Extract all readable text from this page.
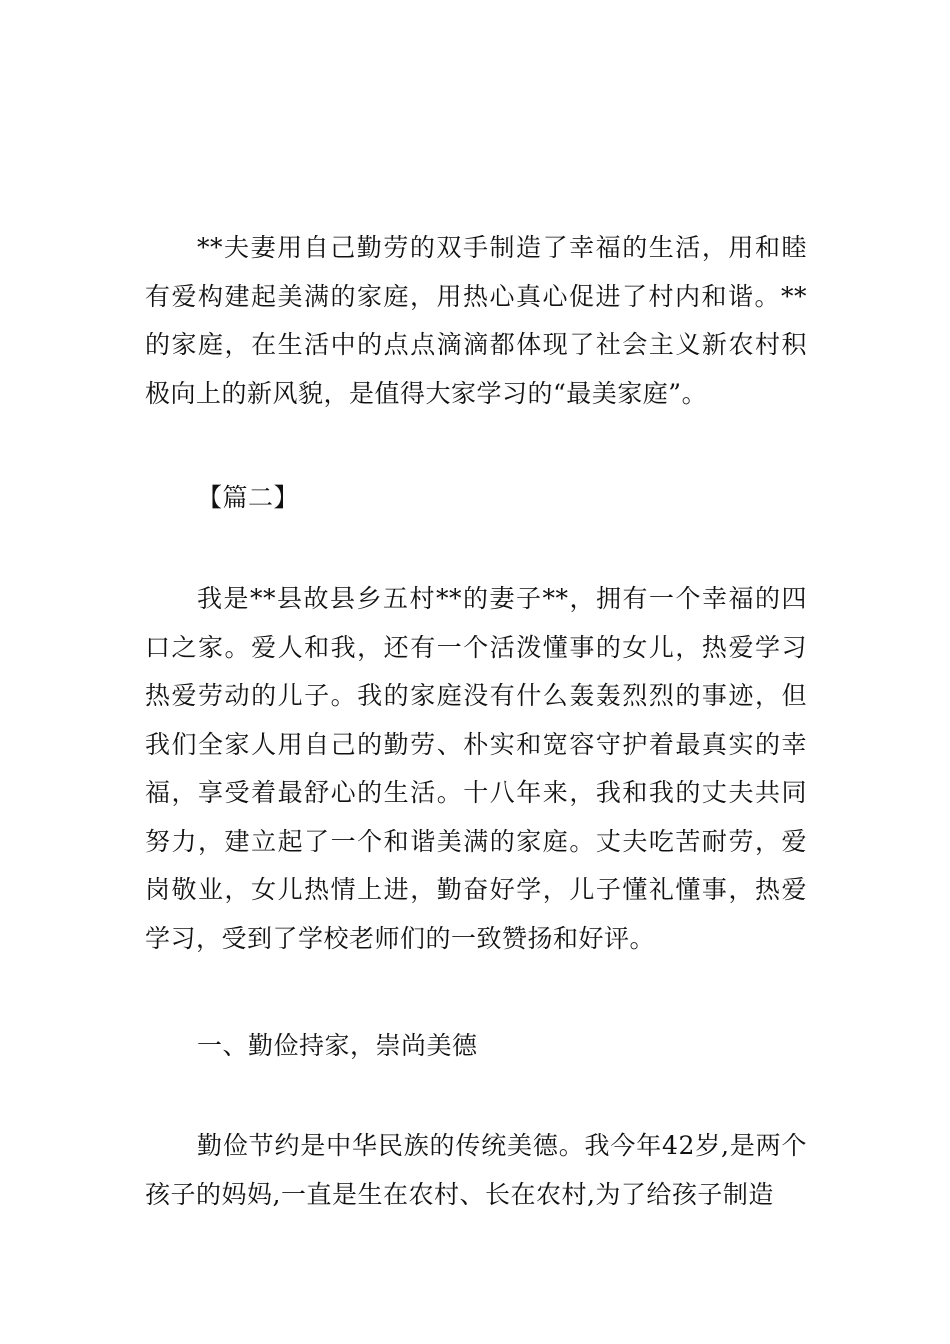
**夫妻用自己勤劳的双手制造了幸福的生活，用和睦有爱构建起美满的家庭，用热心真心促进了村内和谐。**的家庭，在生活中的点点滴滴都体现了社会主义新农村积极向上的新风貌，是值得大家学习的“最美家庭”。

【篇二】

我是**县故县乡五村**的妻子**，拥有一个幸福的四口之家。爱人和我，还有一个活泼懂事的女儿，热爱学习热爱劳动的儿子。我的家庭没有什么轰轰烈烈的事迹，但我们全家人用自己的勤劳、朴实和宽容守护着最真实的幸福，享受着最舒心的生活。十八年来，我和我的丈夫共同努力，建立起了一个和谐美满的家庭。丈夫吃苦耐劳，爱岗敬业，女儿热情上进，勤奋好学，儿子懂礼懂事，热爱学习，受到了学校老师们的一致赞扬和好评。

一、勤俭持家，崇尚美德

勤俭节约是中华民族的传统美德。我今年42岁,是两个孩子的妈妈,一直是生在农村、长在农村,为了给孩子制造
